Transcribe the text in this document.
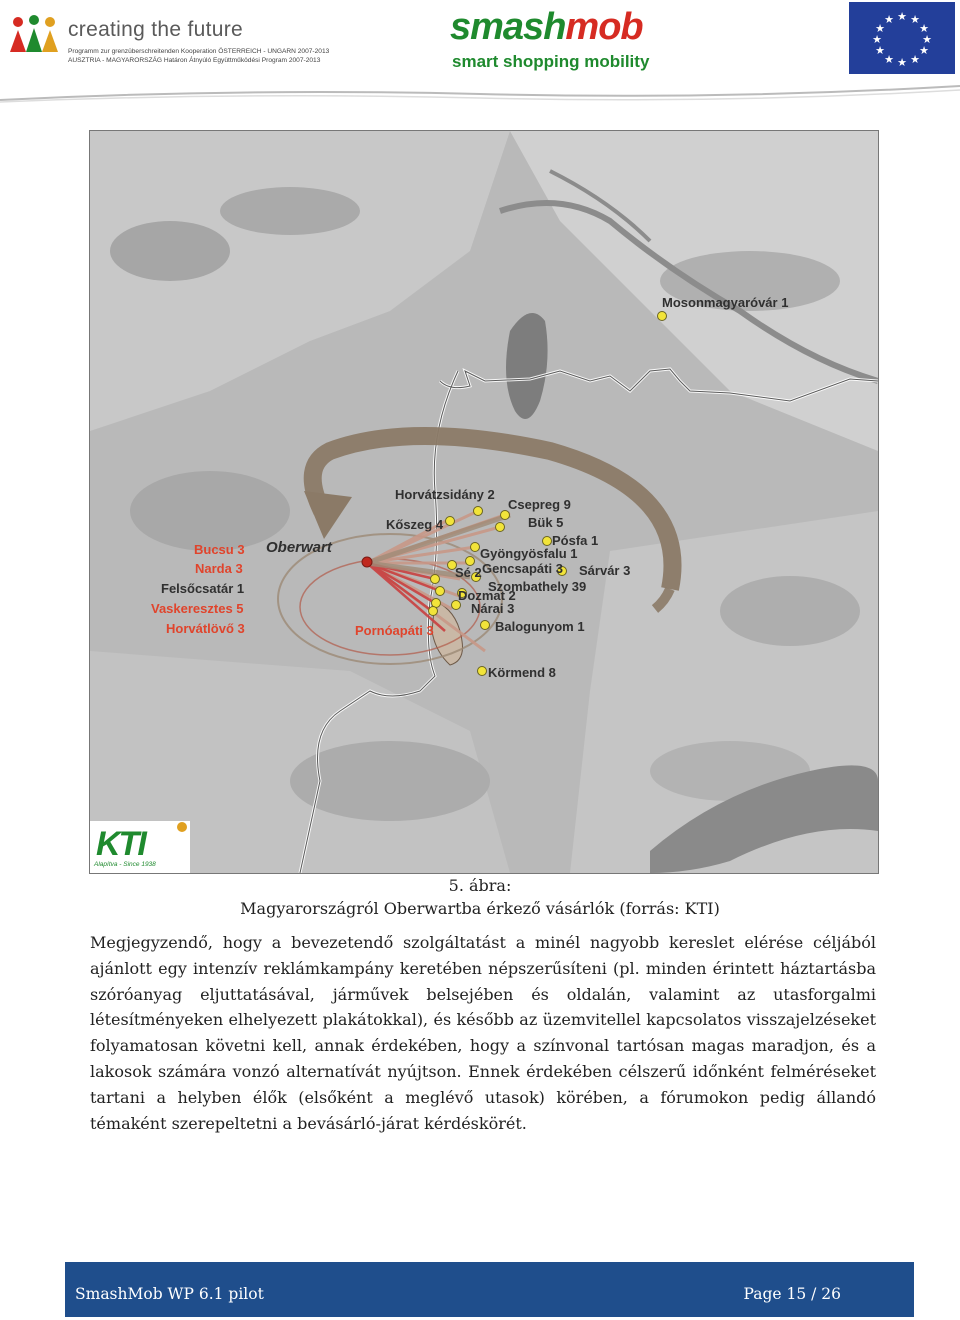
creating the future
Programm zur grenzüberschreitenden Kooperation ÖSTERREICH - UNGARN 2007-2013
AUSZTRIA - MAGYARORSZÁG Határon Átnyúló Együttműködési Program 2007-2013
smashmob
smart shopping mobility
★ ★
★
★
★
★
★
★
★
★
★
★
Oberwart
Mosonmagyaróvár 1
Horvátzsidány 2
Csepreg 9
Kőszeg 4	Bük 5
Pósfa 1
Gyöngyösfalu 1
Gencsapáti 3
Sé 2	Sárvár 3
Szombathely 39
Dozmat 2
Nárai 3
Balogunyom 1
Körmend 8
Felsőcsatár 1
Bucsu 3
Narda 3
Vaskeresztes 5
Horvátlövő 3	Pornóapáti 3
KTI
Alapítva - Since 1938
5. ábra:
Magyarországról Oberwartba érkező vásárlók (forrás: KTI)
Megjegyzendő, hogy a bevezetendő szolgáltatást a minél nagyobb kereslet elérése céljából ajánlott egy intenzív reklámkampány keretében népszerűsíteni (pl. minden érintett háztartásba szóróanyag eljuttatásával, járművek belsejében és oldalán, valamint az utasforgalmi létesítményeken elhelyezett plakátokkal), és később az üzemvitellel kapcsolatos visszajelzéseket folyamatosan követni kell, annak érdekében, hogy a színvonal tartósan magas maradjon, és a lakosok számára vonzó alternatívát nyújtson. Ennek érdekében célszerű időnként felméréseket tartani a helyben élők (elsőként a meglévő utasok) körében, a fórumokon pedig állandó témaként szerepeltetni a bevásárló-járat kérdéskörét.
SmashMob WP 6.1 pilot	Page 15 / 26
